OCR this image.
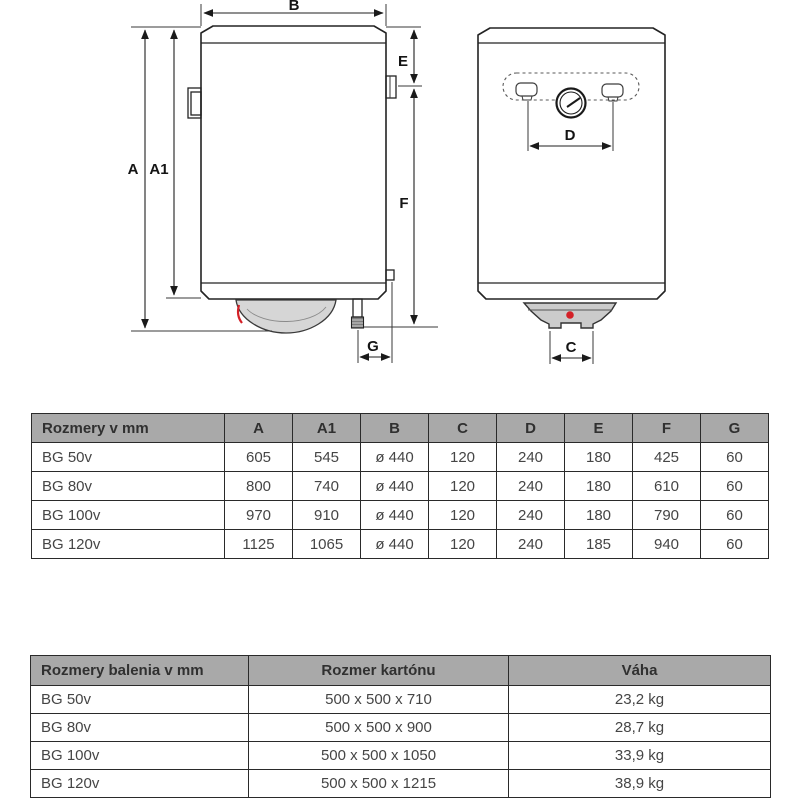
B
A A1
E
F
G
D
C
Rozmery v mm	A	A1	B	C	D	E	F	G
BG 50v	605	545	ø 440	120	240	180	425	60
BG 80v	800	740	ø 440	120	240	180	610	60
BG 100v	970	910	ø 440	120	240	180	790	60
BG 120v	1125	1065	ø 440	120	240	185	940	60
Rozmery balenia v mm	Rozmer kartónu	Váha
BG 50v	500 x 500 x 710	23,2 kg
BG 80v	500 x 500 x 900	28,7 kg
BG 100v	500 x 500 x 1050	33,9 kg
BG 120v	500 x 500 x 1215	38,9 kg
